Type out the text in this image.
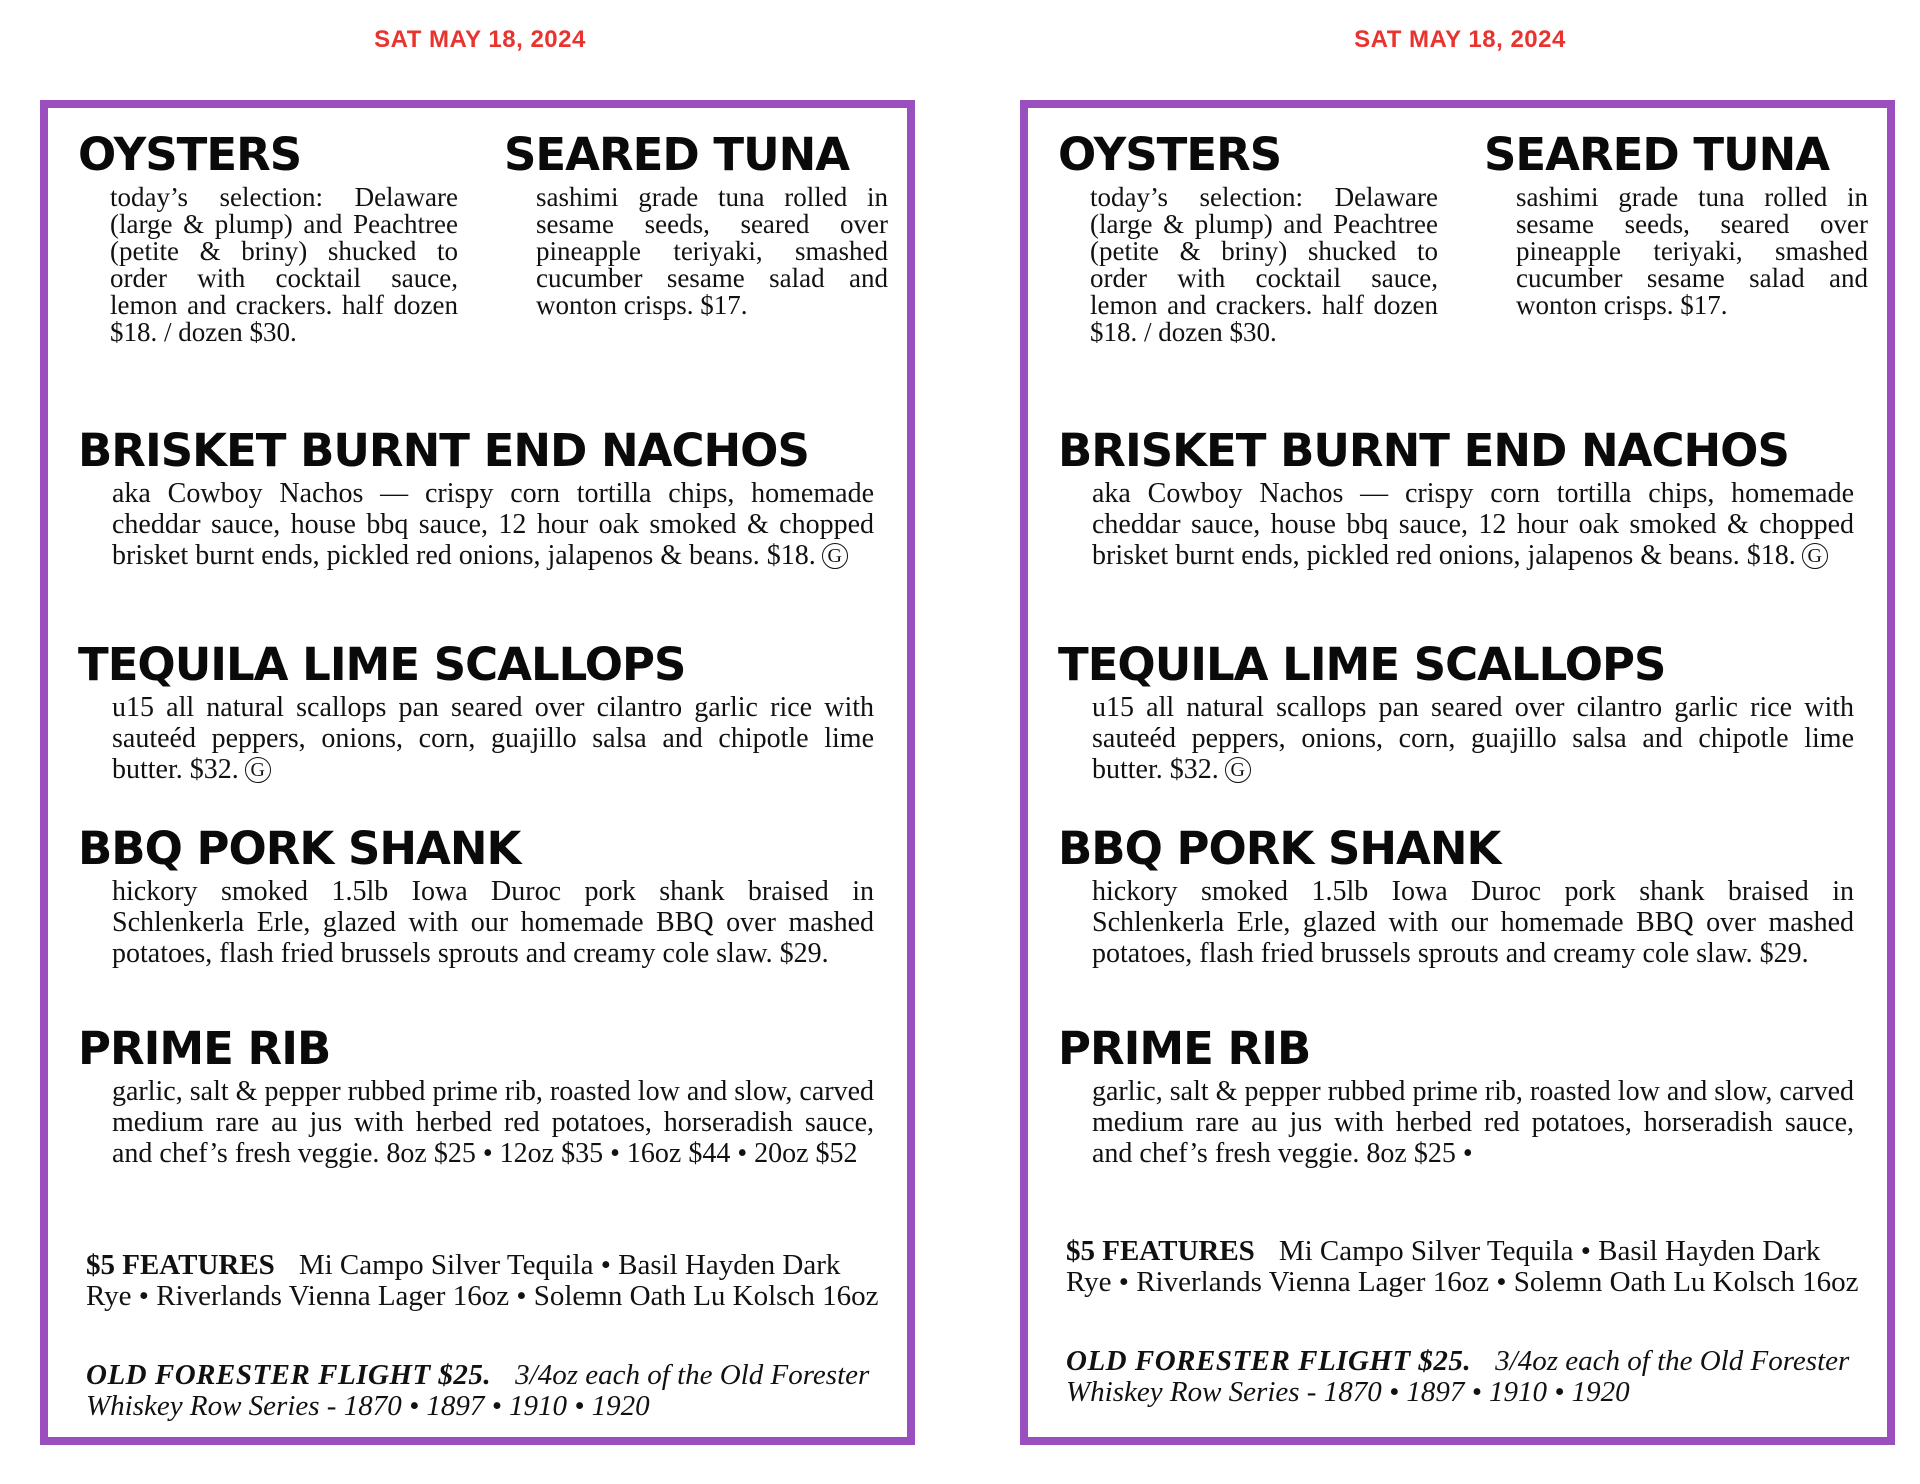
SAT MAY 18, 2024
OYSTERS
today’s selection: Delaware (large & plump) and Peachtree (petite & briny) shucked to order with cocktail sauce, lemon and crackers. half dozen $18. / dozen $30.
SEARED TUNA
sashimi grade tuna rolled in sesame seeds, seared over pineapple teriyaki, smashed cucumber sesame salad and wonton crisps. $17.
BRISKET BURNT END NACHOS
aka Cowboy Nachos — crispy corn tortilla chips, homemade cheddar sauce, house bbq sauce, 12 hour oak smoked & chopped brisket burnt ends, pickled red onions, jalapenos & beans. $18. G
TEQUILA LIME SCALLOPS
u15 all natural scallops pan seared over cilantro garlic rice with sauteéd peppers, onions, corn, guajillo salsa and chipotle lime butter. $32. G
BBQ PORK SHANK
hickory smoked 1.5lb Iowa Duroc pork shank braised in Schlenkerla Erle, glazed with our homemade BBQ over mashed potatoes, flash fried brussels sprouts and creamy cole slaw. $29.
PRIME RIB
garlic, salt & pepper rubbed prime rib, roasted low and slow, carved medium rare au jus with herbed red potatoes, horseradish sauce, and chef’s fresh veggie. 8oz $25 • 12oz $35 • 16oz $44 • 20oz $52
$5 FEATURES Mi Campo Silver Tequila • Basil Hayden Dark Rye • Riverlands Vienna Lager 16oz • Solemn Oath Lu Kolsch 16oz
OLD FORESTER FLIGHT $25. 3/4oz each of the Old Forester Whiskey Row Series - 1870 • 1897 • 1910 • 1920
SAT MAY 18, 2024
OYSTERS
today’s selection: Delaware (large & plump) and Peachtree (petite & briny) shucked to order with cocktail sauce, lemon and crackers. half dozen $18. / dozen $30.
SEARED TUNA
sashimi grade tuna rolled in sesame seeds, seared over pineapple teriyaki, smashed cucumber sesame salad and wonton crisps. $17.
BRISKET BURNT END NACHOS
aka Cowboy Nachos — crispy corn tortilla chips, homemade cheddar sauce, house bbq sauce, 12 hour oak smoked & chopped brisket burnt ends, pickled red onions, jalapenos & beans. $18. G
TEQUILA LIME SCALLOPS
u15 all natural scallops pan seared over cilantro garlic rice with sauteéd peppers, onions, corn, guajillo salsa and chipotle lime butter. $32. G
BBQ PORK SHANK
hickory smoked 1.5lb Iowa Duroc pork shank braised in Schlenkerla Erle, glazed with our homemade BBQ over mashed potatoes, flash fried brussels sprouts and creamy cole slaw. $29.
PRIME RIB
garlic, salt & pepper rubbed prime rib, roasted low and slow, carved medium rare au jus with herbed red potatoes, horseradish sauce, and chef’s fresh veggie. 8oz $25 •
$5 FEATURES Mi Campo Silver Tequila • Basil Hayden Dark Rye • Riverlands Vienna Lager 16oz • Solemn Oath Lu Kolsch 16oz
OLD FORESTER FLIGHT $25. 3/4oz each of the Old Forester Whiskey Row Series - 1870 • 1897 • 1910 • 1920
